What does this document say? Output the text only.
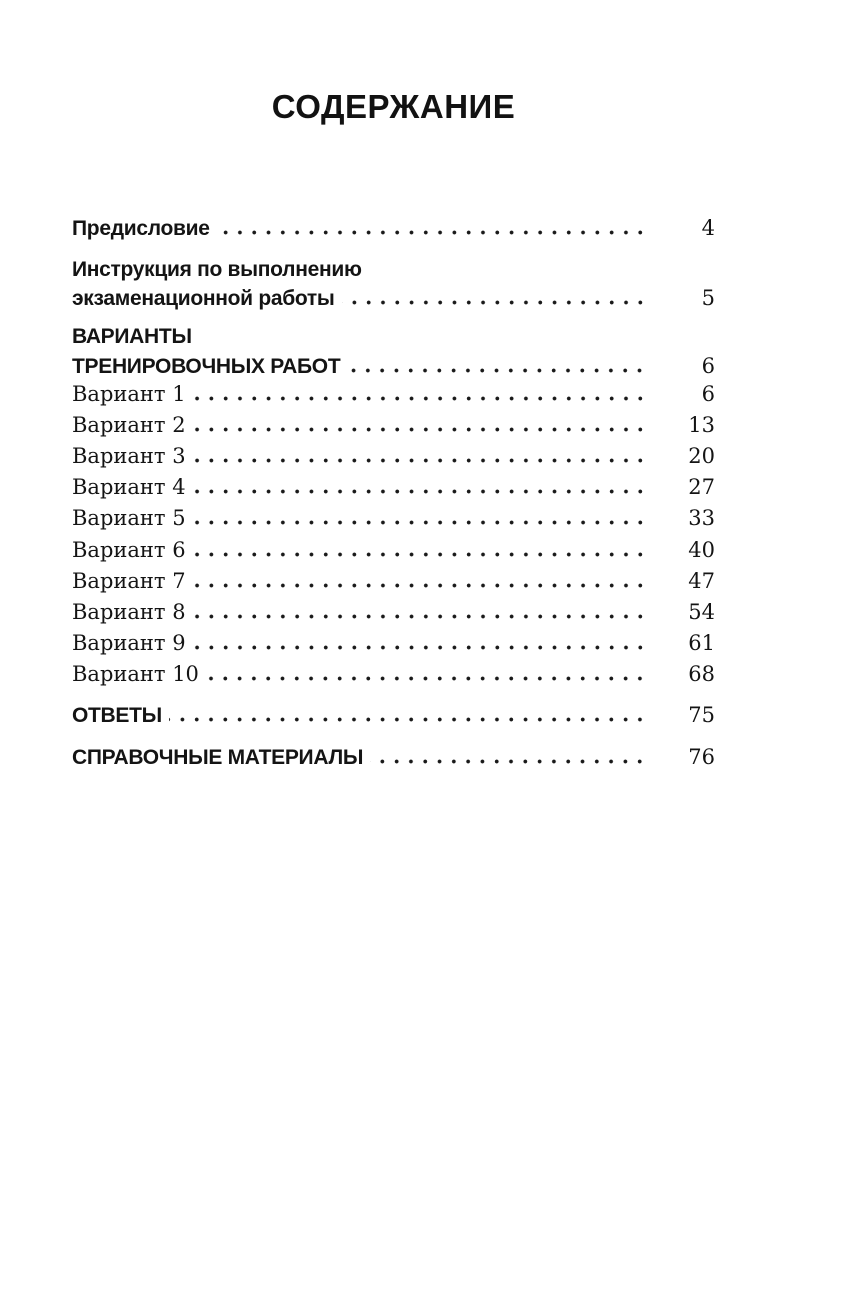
СОДЕРЖАНИЕ
Предисловие	4
Инструкция по выполнению
экзаменационной работы	5
ВАРИАНТЫ
ТРЕНИРОВОЧНЫХ РАБОТ	6
Вариант 1	6
Вариант 2	13
Вариант 3	20
Вариант 4	27
Вариант 5	33
Вариант 6	40
Вариант 7	47
Вариант 8	54
Вариант 9	61
Вариант 10	68
ОТВЕТЫ	75
СПРАВОЧНЫЕ МАТЕРИАЛЫ	76
